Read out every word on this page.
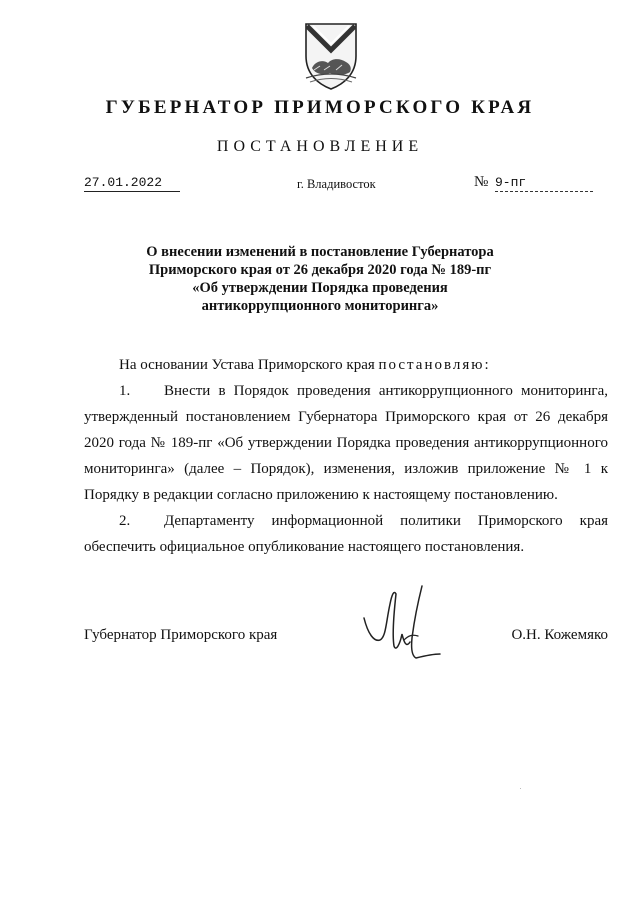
ГУБЕРНАТОР ПРИМОРСКОГО КРАЯ
ПОСТАНОВЛЕНИЕ
27.01.2022	г. Владивосток	№ 9-пг
О внесении изменений в постановление Губернатора
Приморского края от 26 декабря 2020 года № 189-пг
«Об утверждении Порядка проведения
антикоррупционного мониторинга»

На основании Устава Приморского края постановляю:

1. Внести в Порядок проведения антикоррупционного мониторинга, утвержденный постановлением Губернатора Приморского края от 26 декабря 2020 года № 189-пг «Об утверждении Порядка проведения антикоррупционного мониторинга» (далее – Порядок), изменения, изложив приложение № 1 к Порядку в редакции согласно приложению к настоящему постановлению.

2. Департаменту информационной политики Приморского края обеспечить официальное опубликование настоящего постановления.

Губернатор Приморского края	О.Н. Кожемяко
